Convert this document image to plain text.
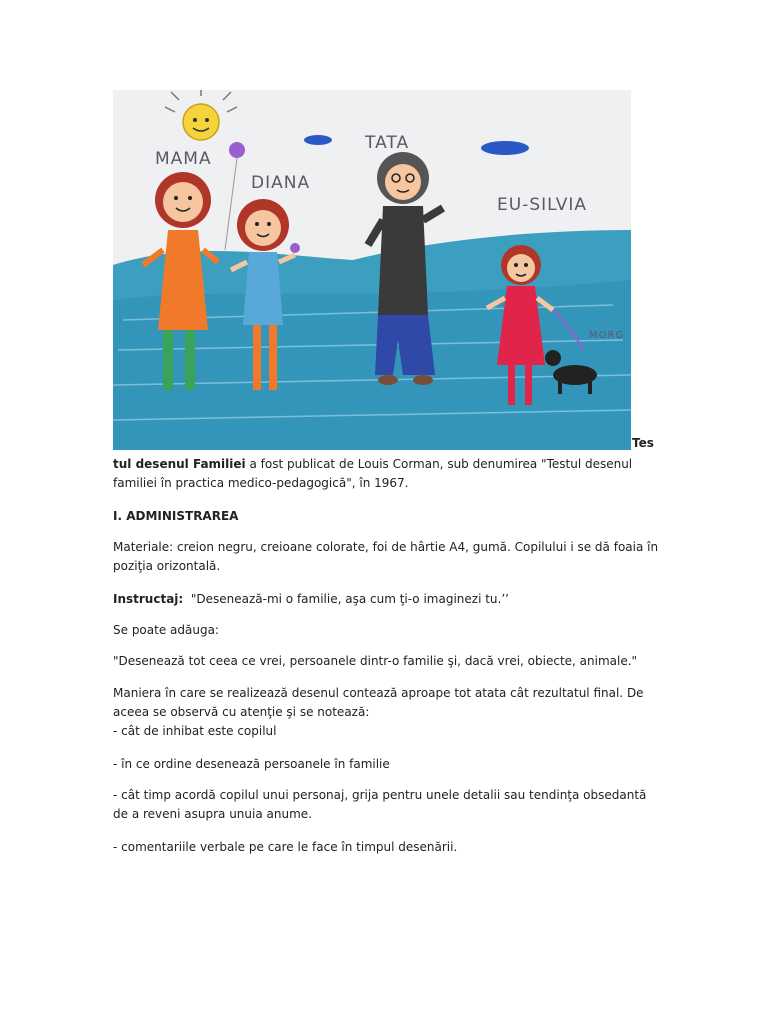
MAMA
DIANA
TATA
EU-SILVIA
MORG
Tes
tul desenul Familiei a fost publicat de Louis Corman, sub denumirea "Testul desenul familiei în practica medico-pedagogică", în 1967.
I. ADMINISTRAREA
Materiale: creion negru, creioane colorate, foi de hârtie A4, gumă. Copilului i se dă foaia în poziţia orizontală.
Instructaj:  "Desenează-mi o familie, aşa cum ţi-o imaginezi tu.’’
Se poate adăuga:
"Desenează tot ceea ce vrei, persoanele dintr-o familie şi, dacă vrei, obiecte, animale."
Maniera în care se realizează desenul contează aproape tot atata cât rezultatul final. De aceea se observă cu atenţie şi se notează:
- cât de inhibat este copilul
- în ce ordine desenează persoanele în familie
- cât timp acordă copilul unui personaj, grija pentru unele detalii sau tendinţa obsedantă de a reveni asupra unuia anume.
- comentariile verbale pe care le face în timpul desenării.
